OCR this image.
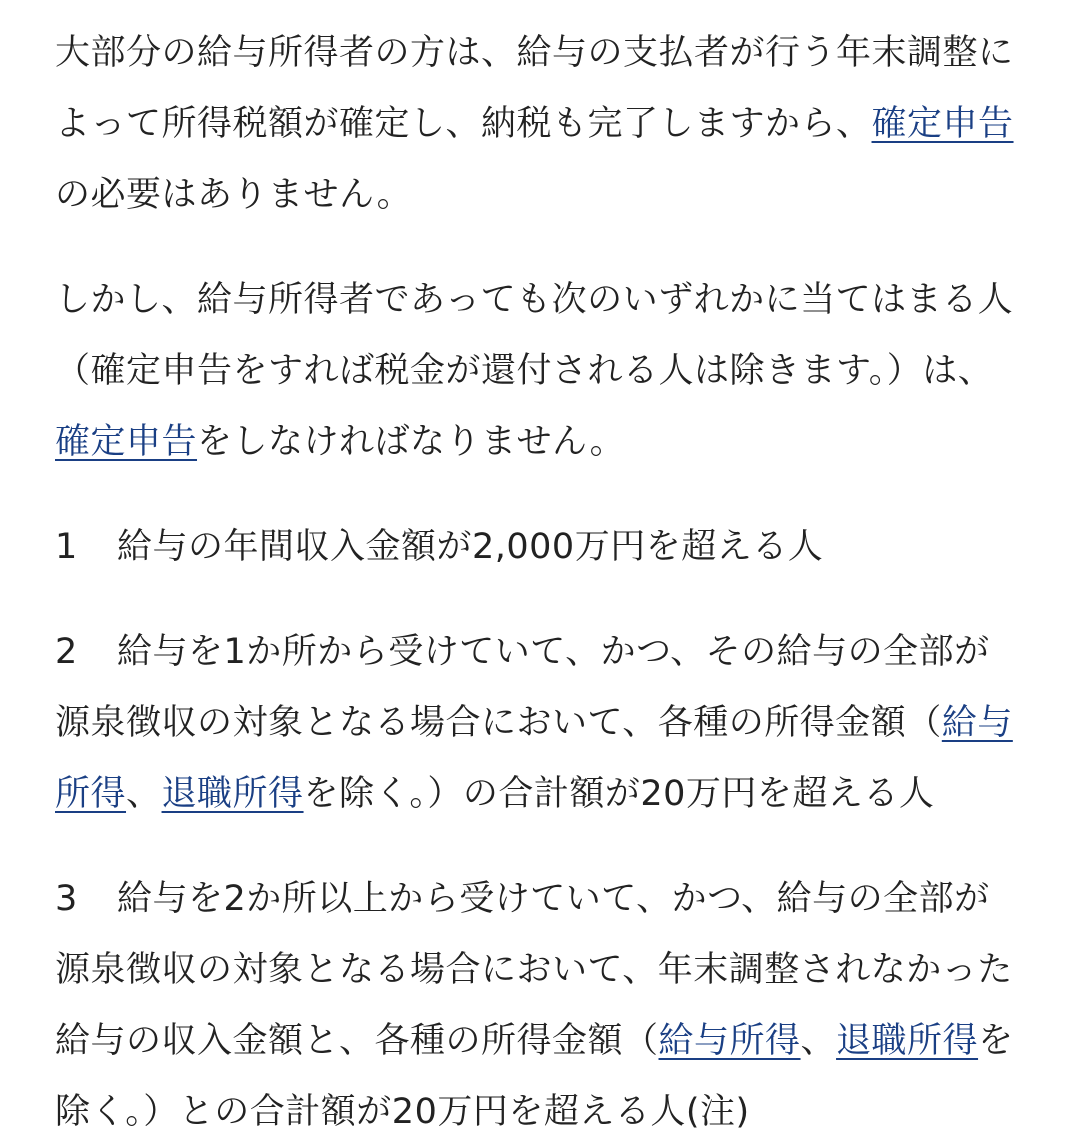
大部分の給与所得者の方は、給与の支払者が行う年末調整によって所得税額が確定し、納税も完了しますから、確定申告の必要はありません。

しかし、給与所得者であっても次のいずれかに当てはまる人（確定申告をすれば税金が還付される人は除きます。）は、確定申告をしなければなりません。

1 給与の年間収入金額が2,000万円を超える人

2 給与を1か所から受けていて、かつ、その給与の全部が源泉徴収の対象となる場合において、各種の所得金額（給与所得、退職所得を除く。）の合計額が20万円を超える人

3 給与を2か所以上から受けていて、かつ、給与の全部が源泉徴収の対象となる場合において、年末調整されなかった給与の収入金額と、各種の所得金額（給与所得、退職所得を除く。）との合計額が20万円を超える人(注)
